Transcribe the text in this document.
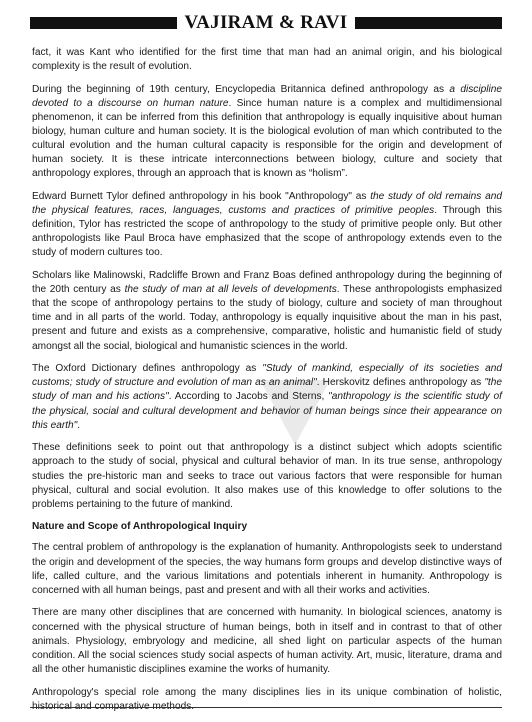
VAJIRAM & RAVI

fact, it was Kant who identified for the first time that man had an animal origin, and his biological complexity is the result of evolution.

During the beginning of 19th century, Encyclopedia Britannica defined anthropology as a discipline devoted to a discourse on human nature. Since human nature is a complex and multidimensional phenomenon, it can be inferred from this definition that anthropology is equally inquisitive about human biology, human culture and human society. It is the biological evolution of man which contributed to the cultural evolution and the human cultural capacity is responsible for the origin and development of human society. It is these intricate interconnections between biology, culture and society that anthropology explores, through an approach that is known as “holism”.

Edward Burnett Tylor defined anthropology in his book "Anthropology" as the study of old remains and the physical features, races, languages, customs and practices of primitive peoples. Through this definition, Tylor has restricted the scope of anthropology to the study of primitive people only. But other anthropologists like Paul Broca have emphasized that the scope of anthropology extends even to the study of modern cultures too.

Scholars like Malinowski, Radcliffe Brown and Franz Boas defined anthropology during the beginning of the 20th century as the study of man at all levels of developments. These anthropologists emphasized that the scope of anthropology pertains to the study of biology, culture and society of man throughout time and in all parts of the world. Today, anthropology is equally inquisitive about the man in his past, present and future and exists as a comprehensive, comparative, holistic and humanistic field of study amongst all the social, biological and humanistic sciences in the world.

The Oxford Dictionary defines anthropology as "Study of mankind, especially of its societies and customs; study of structure and evolution of man as an animal". Herskovitz defines anthropology as "the study of man and his actions". According to Jacobs and Sterns, "anthropology is the scientific study of the physical, social and cultural development and behavior of human beings since their appearance on this earth".

These definitions seek to point out that anthropology is a distinct subject which adopts scientific approach to the study of social, physical and cultural behavior of man. In its true sense, anthropology studies the pre-historic man and seeks to trace out various factors that were responsible for human physical, cultural and social evolution. It also makes use of this knowledge to offer solutions to the problems pertaining to the future of mankind.

Nature and Scope of Anthropological Inquiry

The central problem of anthropology is the explanation of humanity. Anthropologists seek to understand the origin and development of the species, the way humans form groups and develop distinctive ways of life, called culture, and the various limitations and potentials inherent in humanity. Anthropology is concerned with all human beings, past and present and with all their works and activities.

There are many other disciplines that are concerned with humanity. In biological sciences, anatomy is concerned with the physical structure of human beings, both in itself and in contrast to that of other animals. Physiology, embryology and medicine, all shed light on particular aspects of the human condition. All the social sciences study social aspects of human activity. Art, music, literature, drama and all the other humanistic disciplines examine the works of humanity.

Anthropology's special role among the many disciplines lies in its unique combination of holistic,
